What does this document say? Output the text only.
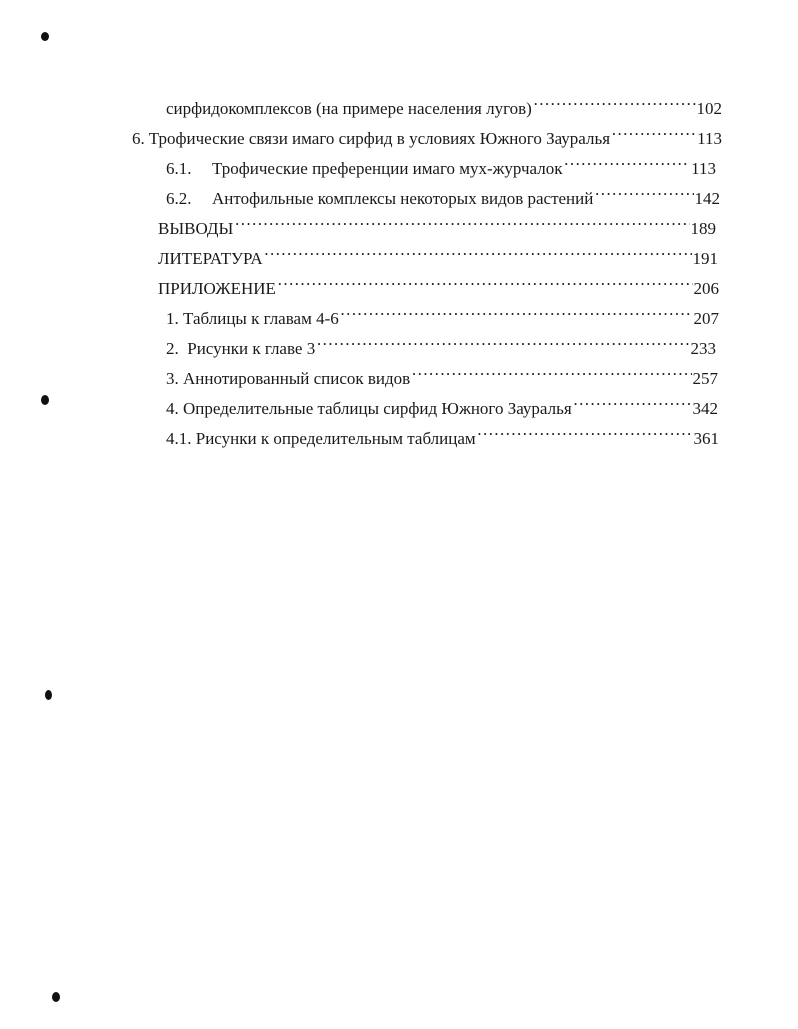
сирфидокомплексов (на примере населения лугов) ……………………………………………………………………………………………………………………………………………………	102
6. Трофические связи имаго сирфид в условиях Южного Зауралья ……………………………………………………………………………………………………………………………………………………	113
6.1.	Трофические преференции имаго мух-журчалок ……………………………………………………………………………………………………………………………………………………	113
6.2.	Антофильные комплексы некоторых видов растений ……………………………………………………………………………………………………………………………………………………	142
ВЫВОДЫ ……………………………………………………………………………………………………………………………………………………	189
ЛИТЕРАТУРА ……………………………………………………………………………………………………………………………………………………	191
ПРИЛОЖЕНИЕ ……………………………………………………………………………………………………………………………………………………	206
1. Таблицы к главам 4-6 ……………………………………………………………………………………………………………………………………………………	207
2.  Рисунки к главе 3 ……………………………………………………………………………………………………………………………………………………	233
3. Аннотированный список видов ……………………………………………………………………………………………………………………………………………………	257
4. Определительные таблицы сирфид Южного Зауралья ……………………………………………………………………………………………………………………………………………………	342
4.1. Рисунки к определительным таблицам ……………………………………………………………………………………………………………………………………………………	361
